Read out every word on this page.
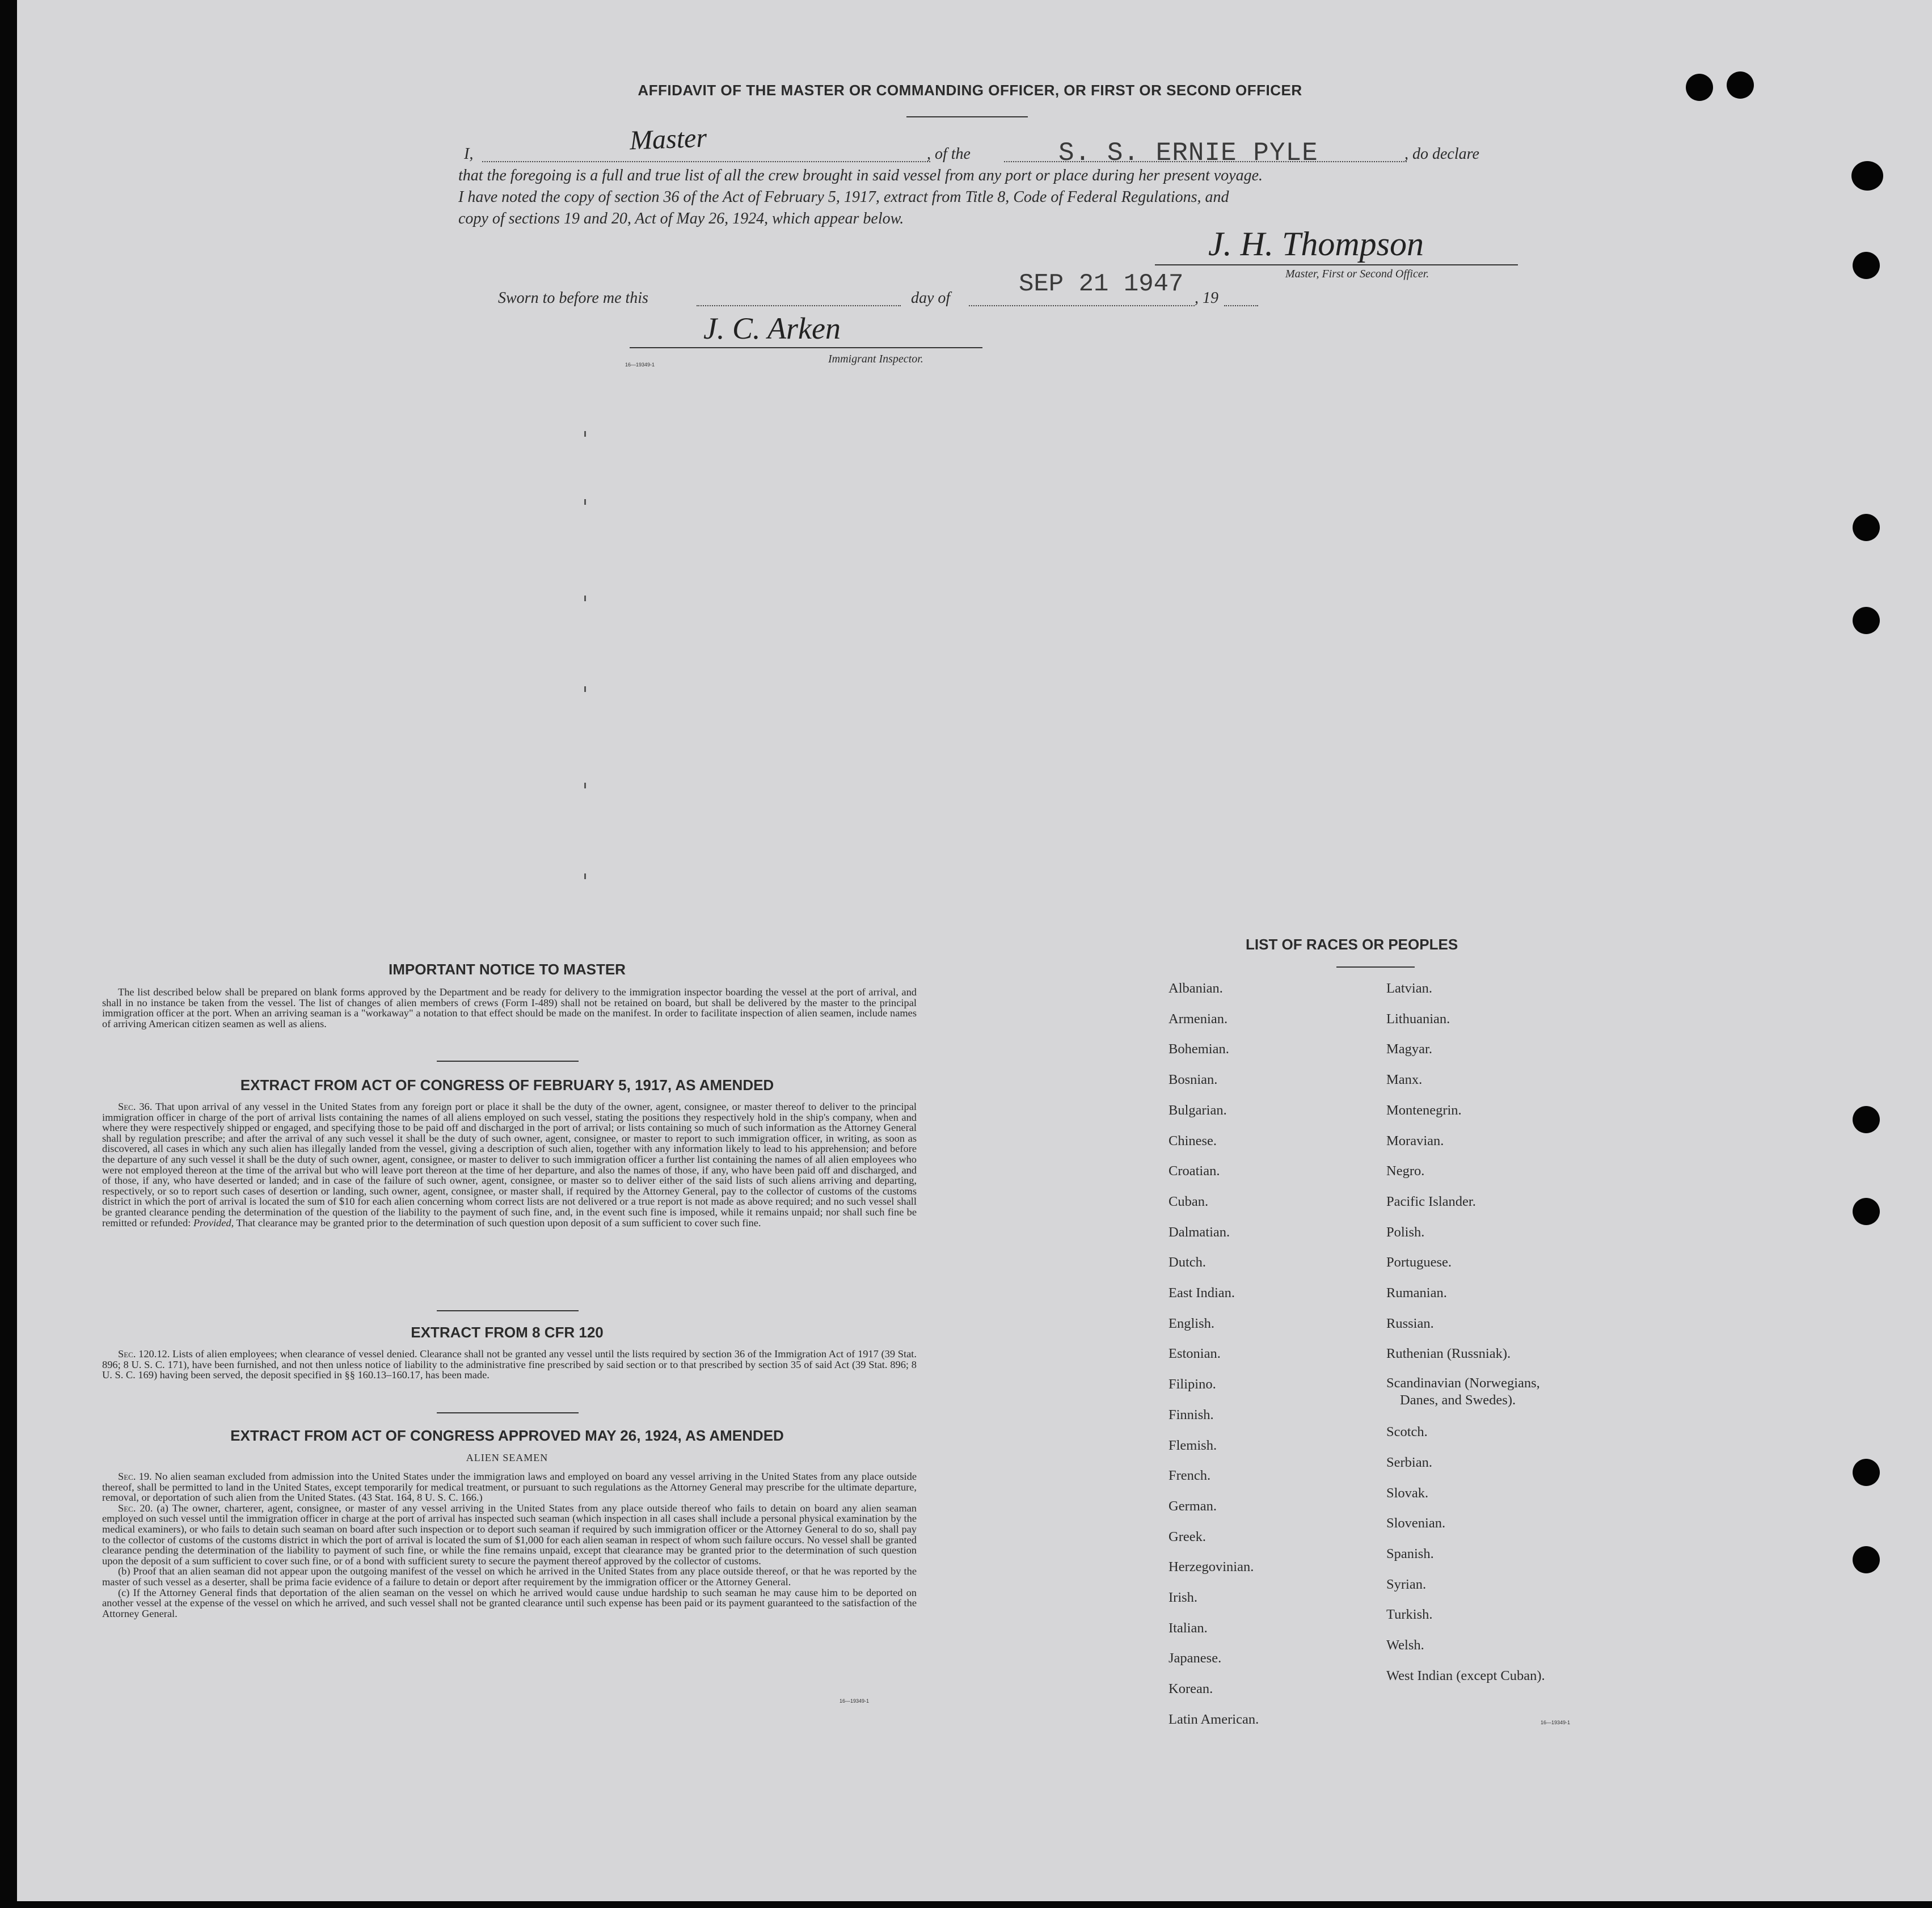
AFFIDAVIT OF THE MASTER OR COMMANDING OFFICER, OR FIRST OR SECOND OFFICER
I,	Master	, of the	S. S. ERNIE PYLE	, do declare
that the foregoing is a full and true list of all the crew brought in said vessel from any port or place during her present voyage.
I have noted the copy of section 36 of the Act of February 5, 1917, extract from Title 8, Code of Federal Regulations, and
copy of sections 19 and 20, Act of May 26, 1924, which appear below.
J. H. Thompson
Master, First or Second Officer.
Sworn to before me this	day of	SEP 21 1947 , 19
J. C. Arken
16—19349-1	Immigrant Inspector.
IMPORTANT NOTICE TO MASTER

The list described below shall be prepared on blank forms approved by the Department and be ready for delivery to the immigration inspector boarding the vessel at the port of arrival, and shall in no instance be taken from the vessel. The list of changes of alien members of crews (Form I-489) shall not be retained on board, but shall be delivered by the master to the principal immigration officer at the port. When an arriving seaman is a "workaway" a notation to that effect should be made on the manifest. In order to facilitate inspection of alien seamen, include names of arriving American citizen seamen as well as aliens.

EXTRACT FROM ACT OF CONGRESS OF FEBRUARY 5, 1917, AS AMENDED

Sec. 36. That upon arrival of any vessel in the United States from any foreign port or place it shall be the duty of the owner, agent, consignee, or master thereof to deliver to the principal immigration officer in charge of the port of arrival lists containing the names of all aliens employed on such vessel, stating the positions they respectively hold in the ship's company, when and where they were respectively shipped or engaged, and specifying those to be paid off and discharged in the port of arrival; or lists containing so much of such information as the Attorney General shall by regulation prescribe; and after the arrival of any such vessel it shall be the duty of such owner, agent, consignee, or master to report to such immigration officer, in writing, as soon as discovered, all cases in which any such alien has illegally landed from the vessel, giving a description of such alien, together with any information likely to lead to his apprehension; and before the departure of any such vessel it shall be the duty of such owner, agent, consignee, or master to deliver to such immigration officer a further list containing the names of all alien employees who were not employed thereon at the time of the arrival but who will leave port thereon at the time of her departure, and also the names of those, if any, who have been paid off and discharged, and of those, if any, who have deserted or landed; and in case of the failure of such owner, agent, consignee, or master so to deliver either of the said lists of such aliens arriving and departing, respectively, or so to report such cases of desertion or landing, such owner, agent, consignee, or master shall, if required by the Attorney General, pay to the collector of customs of the customs district in which the port of arrival is located the sum of $10 for each alien concerning whom correct lists are not delivered or a true report is not made as above required; and no such vessel shall be granted clearance pending the determination of the question of the liability to the payment of such fine, and, in the event such fine is imposed, while it remains unpaid; nor shall such fine be remitted or refunded: Provided, That clearance may be granted prior to the determination of such question upon deposit of a sum sufficient to cover such fine.

EXTRACT FROM 8 CFR 120

Sec. 120.12. Lists of alien employees; when clearance of vessel denied. Clearance shall not be granted any vessel until the lists required by section 36 of the Immigration Act of 1917 (39 Stat. 896; 8 U. S. C. 171), have been furnished, and not then unless notice of liability to the administrative fine prescribed by said section or to that prescribed by section 35 of said Act (39 Stat. 896; 8 U. S. C. 169) having been served, the deposit specified in §§ 160.13–160.17, has been made.

EXTRACT FROM ACT OF CONGRESS APPROVED MAY 26, 1924, AS AMENDED
ALIEN SEAMEN

Sec. 19. No alien seaman excluded from admission into the United States under the immigration laws and employed on board any vessel arriving in the United States from any place outside thereof, shall be permitted to land in the United States, except temporarily for medical treatment, or pursuant to such regulations as the Attorney General may prescribe for the ultimate departure, removal, or deportation of such alien from the United States. (43 Stat. 164, 8 U. S. C. 166.)

Sec. 20. (a) The owner, charterer, agent, consignee, or master of any vessel arriving in the United States from any place outside thereof who fails to detain on board any alien seaman employed on such vessel until the immigration officer in charge at the port of arrival has inspected such seaman (which inspection in all cases shall include a personal physical examination by the medical examiners), or who fails to detain such seaman on board after such inspection or to deport such seaman if required by such immigration officer or the Attorney General to do so, shall pay to the collector of customs of the customs district in which the port of arrival is located the sum of $1,000 for each alien seaman in respect of whom such failure occurs. No vessel shall be granted clearance pending the determination of the liability to payment of such fine, or while the fine remains unpaid, except that clearance may be granted prior to the determination of such question upon the deposit of a sum sufficient to cover such fine, or of a bond with sufficient surety to secure the payment thereof approved by the collector of customs.

(b) Proof that an alien seaman did not appear upon the outgoing manifest of the vessel on which he arrived in the United States from any place outside thereof, or that he was reported by the master of such vessel as a deserter, shall be prima facie evidence of a failure to detain or deport after requirement by the immigration officer or the Attorney General.

(c) If the Attorney General finds that deportation of the alien seaman on the vessel on which he arrived would cause undue hardship to such seaman he may cause him to be deported on another vessel at the expense of the vessel on which he arrived, and such vessel shall not be granted clearance until such expense has been paid or its payment guaranteed to the satisfaction of the Attorney General.

16—19349-1
LIST OF RACES OR PEOPLES
Albanian.
Armenian.
Bohemian.
Bosnian.
Bulgarian.
Chinese.
Croatian.
Cuban.
Dalmatian.
Dutch.
East Indian.
English.
Estonian.
Filipino.
Finnish.
Flemish.
French.
German.
Greek.
Herzegovinian.
Irish.
Italian.
Japanese.
Korean.
Latin American.
Latvian.
Lithuanian.
Magyar.
Manx.
Montenegrin.
Moravian.
Negro.
Pacific Islander.
Polish.
Portuguese.
Rumanian.
Russian.
Ruthenian (Russniak).
Scandinavian (Norwegians,
Danes, and Swedes).
Scotch.
Serbian.
Slovak.
Slovenian.
Spanish.
Syrian.
Turkish.
Welsh.
West Indian (except Cuban).
16—19349-1
